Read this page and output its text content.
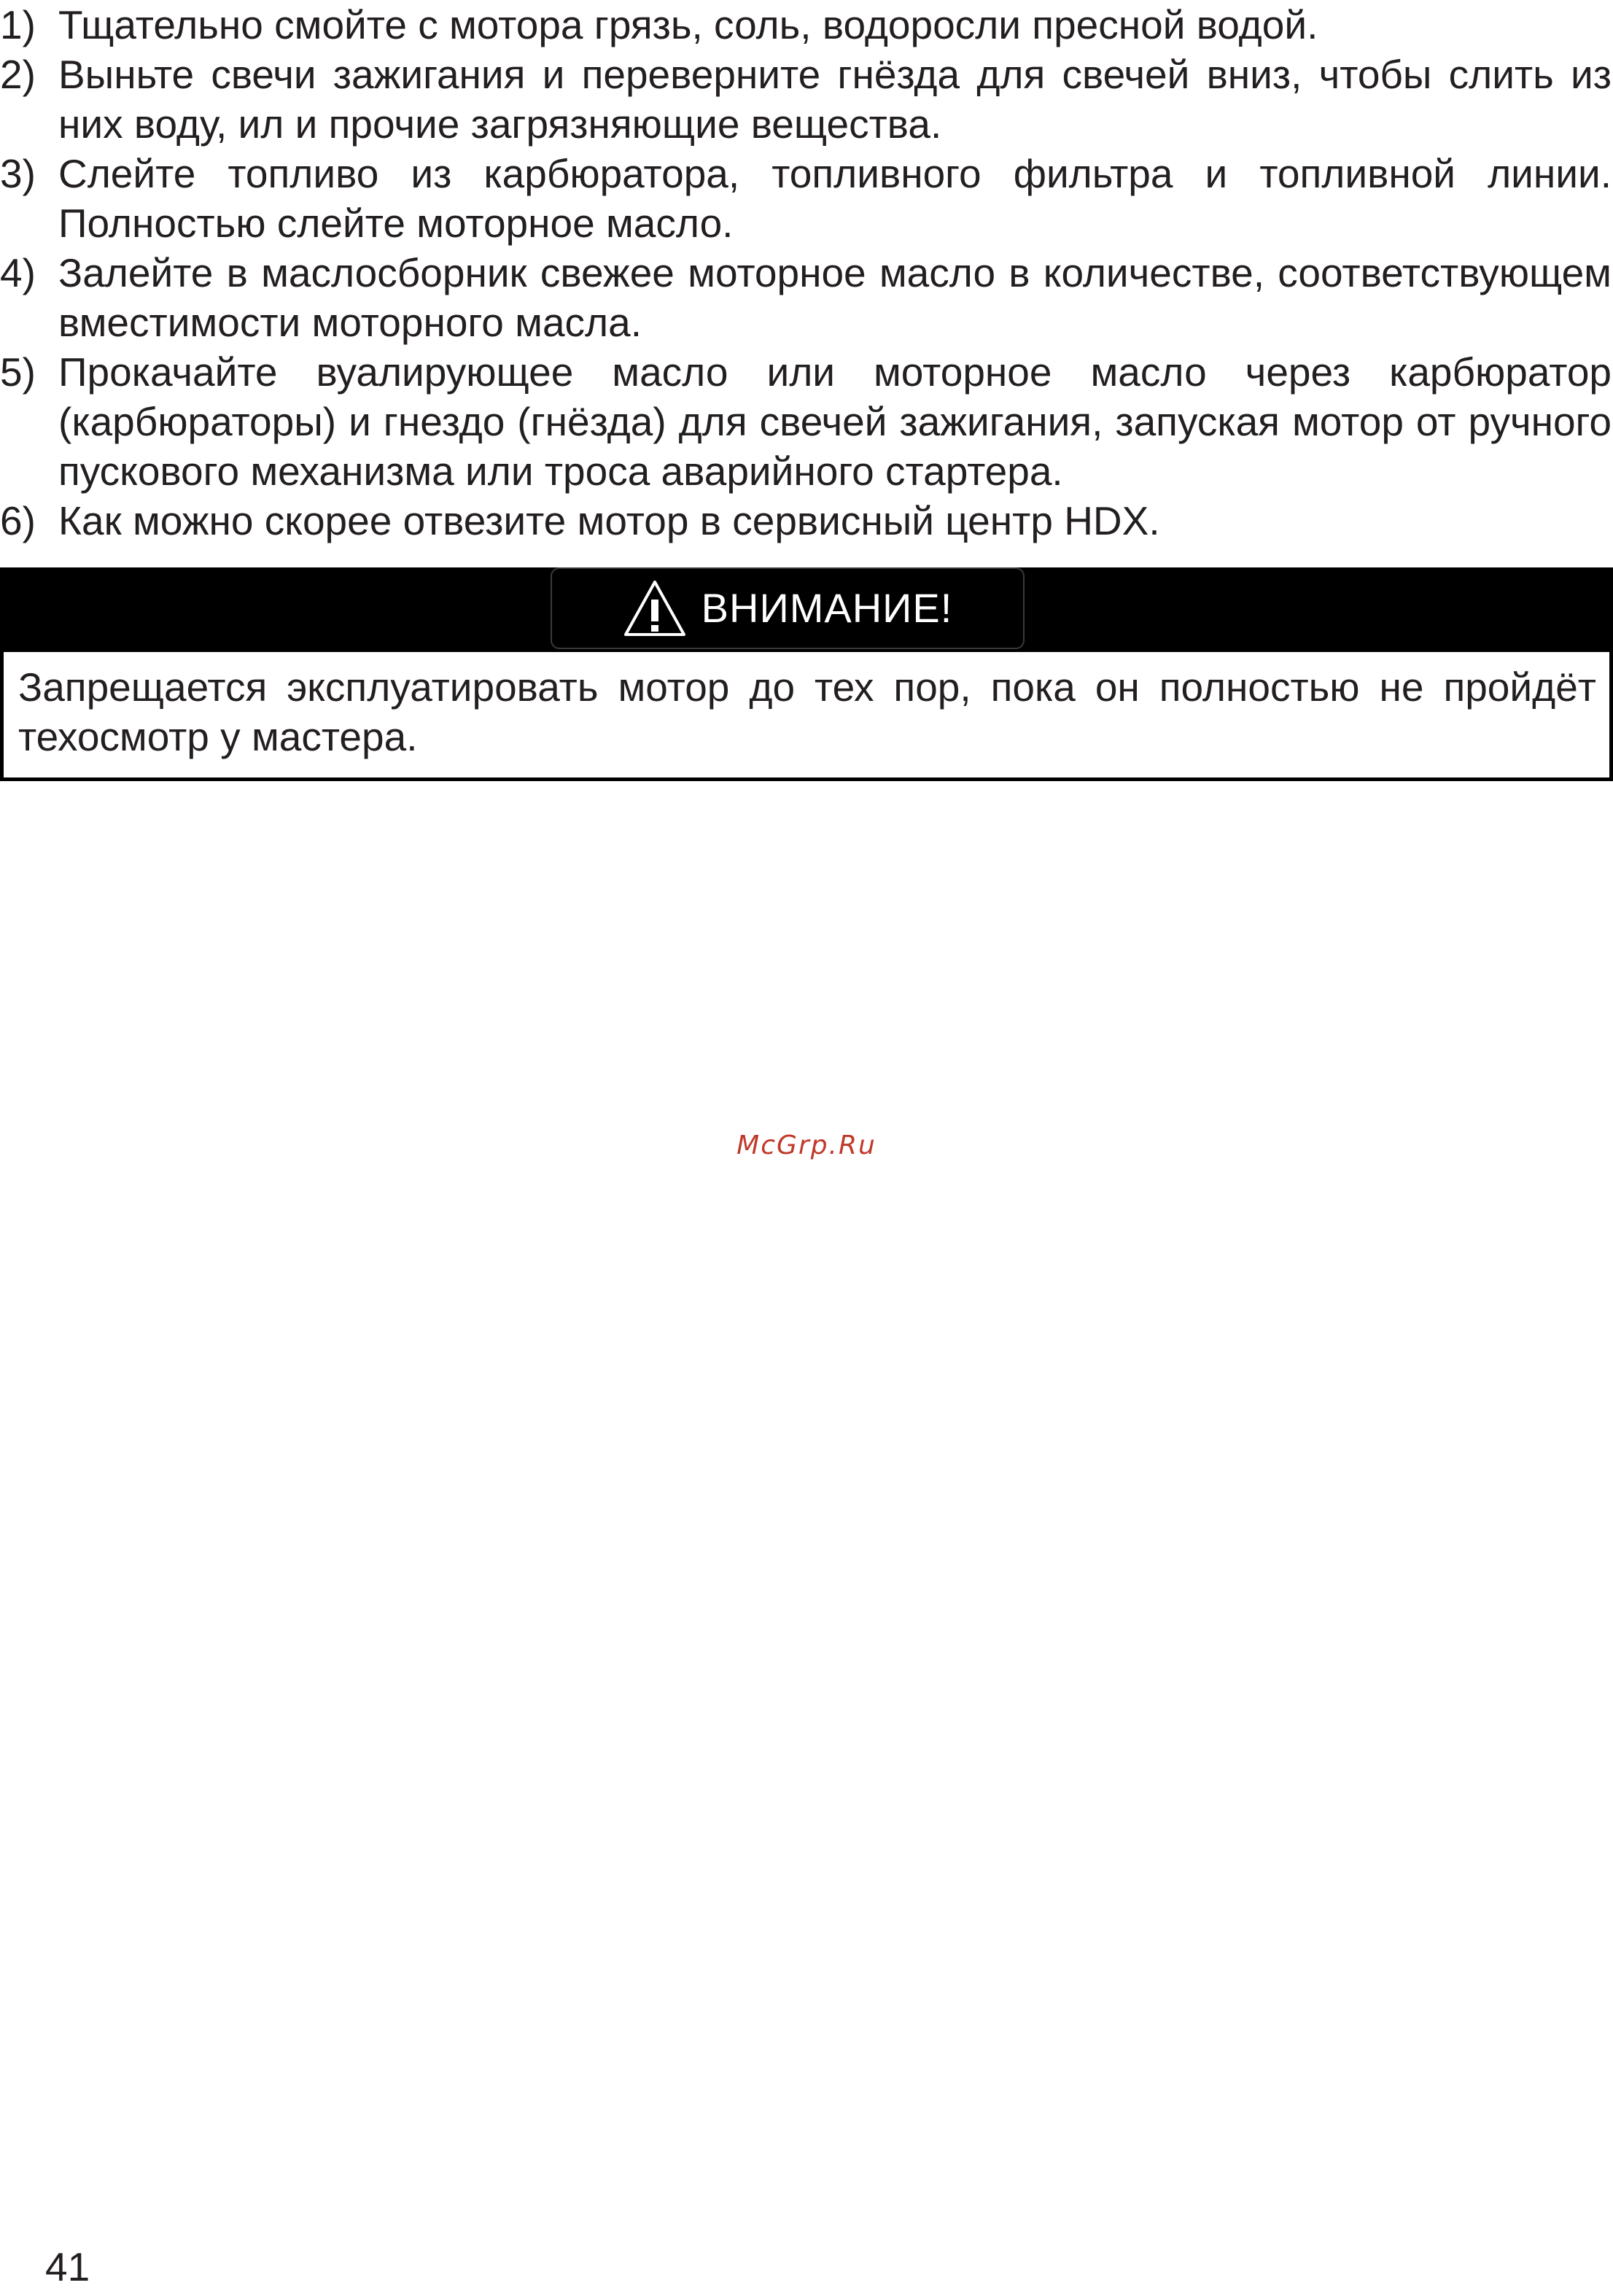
1) Тщательно смойте с мотора грязь, соль, водоросли пресной водой.
2) Выньте свечи зажигания и переверните гнёзда для свечей вниз, чтобы слить из них воду, ил и прочие загрязняющие вещества.
3) Слейте топливо из карбюратора, топливного фильтра и топливной линии. Полностью слейте моторное масло.
4) Залейте в маслосборник свежее моторное масло в количестве, соответствующем вместимости моторного масла.
5) Прокачайте вуалирующее масло или моторное масло через карбюратор (карбюраторы) и гнездо (гнёзда) для свечей зажигания, запуская мотор от ручного пускового механизма или троса аварийного стартера.
6) Как можно скорее отвезите мотор в сервисный центр HDX.
ВНИМАНИЕ!
Запрещается эксплуатировать мотор до тех пор, пока он полностью не пройдёт техосмотр у мастера.
McGrp.Ru
41
